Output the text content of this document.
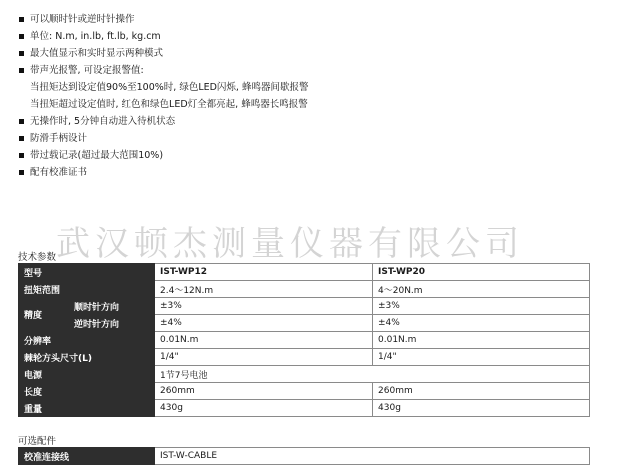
可以顺时针或逆时针操作
单位: N.m, in.lb, ft.lb, kg.cm
最大值显示和实时显示两种模式
带声光报警, 可设定报警值:
当扭矩达到设定值90%至100%时, 绿色LED闪烁, 蜂鸣器间歇报警
当扭矩超过设定值时, 红色和绿色LED灯全都亮起, 蜂鸣器长鸣报警
无操作时, 5分钟自动进入待机状态
防滑手柄设计
带过载记录(超过最大范围10%)
配有校准证书
武汉顿杰测量仪器有限公司
技术参数
型号		IST-WP12	IST-WP20
扭矩范围		2.4～12N.m	4～20N.m
精度	顺时针方向	±3%	±3%
	逆时针方向	±4%	±4%
分辨率		0.01N.m	0.01N.m
棘轮方头尺寸(L)		1/4"	1/4"
电源		1节7号电池	
长度		260mm	260mm
重量		430g	430g
可选配件
校准连接线	IST-W-CABLE
